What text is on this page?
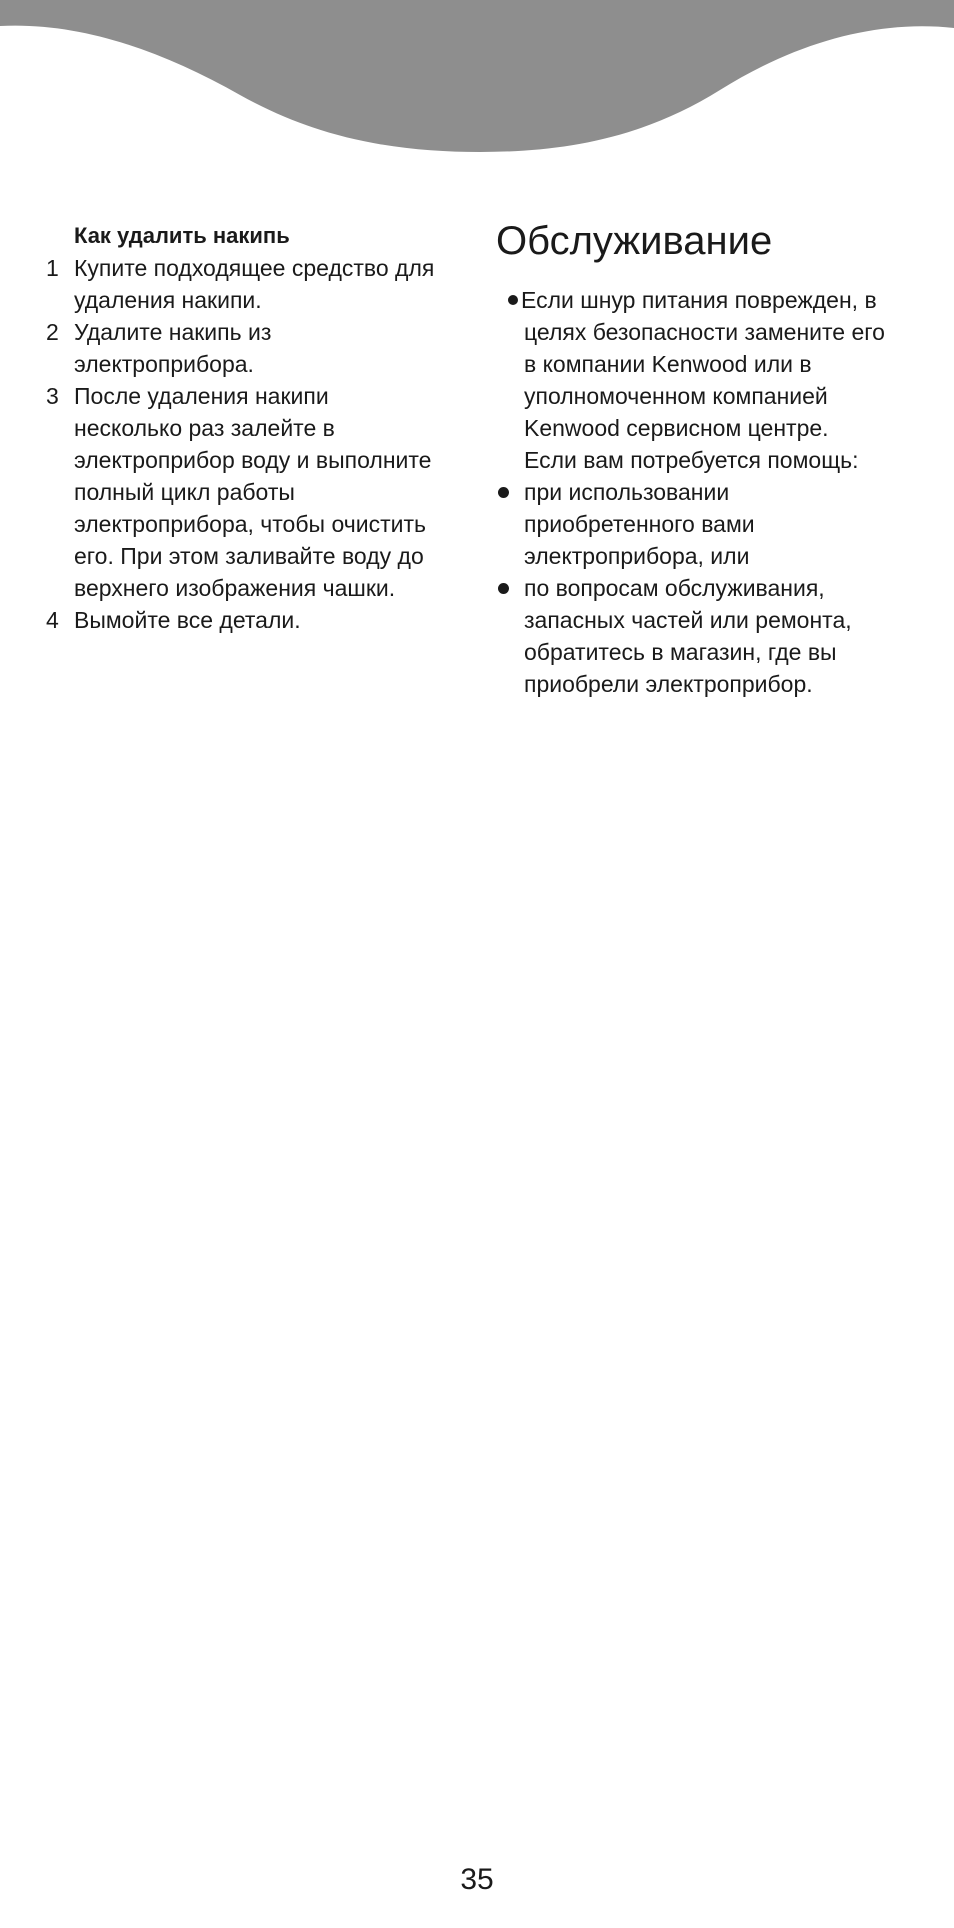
Как удалить накипь
1 Купите подходящее средство для
удаления накипи.
2 Удалите накипь из
электроприбора.
3 После удаления накипи
несколько раз залейте в
электроприбор воду и выполните
полный цикл работы
электроприбора, чтобы очистить
его. При этом заливайте воду до
верхнего изображения чашки.
4 Вымойте все детали.
Обслуживание
Если шнур питания поврежден, в
целях безопасности замените его
в компании Kenwood или в
уполномоченном компанией
Kenwood сервисном центре.
Если вам потребуется помощь:
при использовании
приобретенного вами
электроприбора, или
по вопросам обслуживания,
запасных частей или ремонта,
обратитесь в магазин, где вы
приобрели электроприбор.
35
